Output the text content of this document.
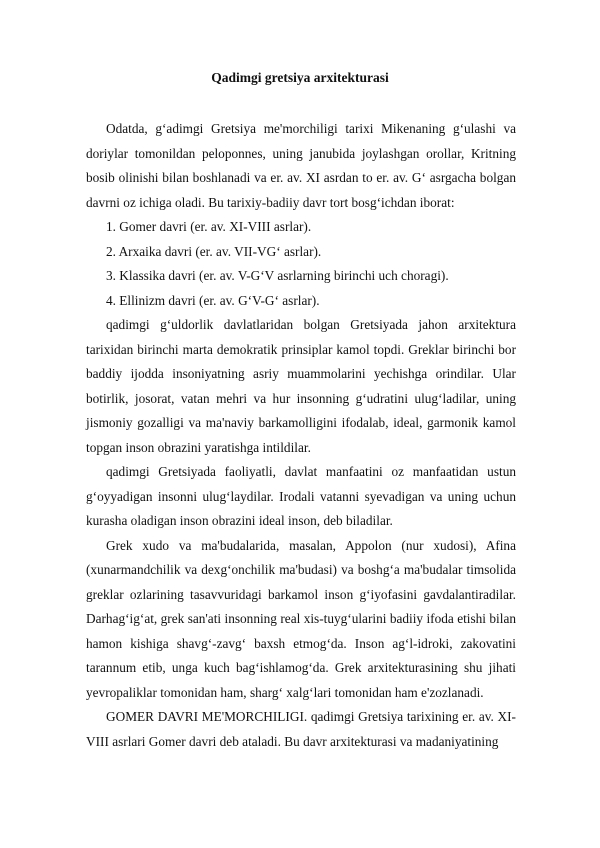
Qadimgi gretsiya arxitekturasi

Odatda, g‘adimgi Gretsiya me'morchiligi tarixi Mikenaning g‘ulashi va doriylar tomonildan peloponnes, uning janubida joylashgan orollar, Kritning bosib olinishi bilan boshlanadi va er. av. XI asrdan to er. av. G‘ asrgacha bolgan davrni oz ichiga oladi. Bu tarixiy-badiiy davr tort bosg‘ichdan iborat:

1. Gomer davri (er. av. XI-VIII asrlar).

2. Arxaika davri (er. av. VII-VG‘ asrlar).

3. Klassika davri (er. av. V-G‘V asrlarning birinchi uch choragi).

4. Ellinizm davri (er. av. G‘V-G‘ asrlar).

qadimgi g‘uldorlik davlatlaridan bolgan Gretsiyada jahon arxitektura tarixidan birinchi marta demokratik prinsiplar kamol topdi. Greklar birinchi bor baddiy ijodda insoniyatning asriy muammolarini yechishga orindilar. Ular botirlik, josorat, vatan mehri va hur insonning g‘udratini ulug‘ladilar, uning jismoniy gozalligi va ma'naviy barkamolligini ifodalab, ideal, garmonik kamol topgan inson obrazini yaratishga intildilar.

qadimgi Gretsiyada faoliyatli, davlat manfaatini oz manfaatidan ustun g‘oyyadigan insonni ulug‘laydilar. Irodali vatanni syevadigan va uning uchun kurasha oladigan inson obrazini ideal inson, deb biladilar.

Grek xudo va ma'budalarida, masalan, Appolon (nur xudosi), Afina (xunarmandchilik va dexg‘onchilik ma'budasi) va boshg‘a ma'budalar timsolida greklar ozlarining tasavvuridagi barkamol inson g‘iyofasini gavdalantiradilar. Darhag‘ig‘at, grek san'ati insonning real xis-tuyg‘ularini badiiy ifoda etishi bilan hamon kishiga shavg‘-zavg‘ baxsh etmog‘da. Inson ag‘l-idroki, zakovatini tarannum etib, unga kuch bag‘ishlamog‘da. Grek arxitekturasining shu jihati yevropaliklar tomonidan ham, sharg‘ xalg‘lari tomonidan ham e'zozlanadi.

GOMER DAVRI ME'MORCHILIGI. qadimgi Gretsiya tarixining er. av. XI-VIII asrlari Gomer davri deb ataladi. Bu davr arxitekturasi va madaniyatining
